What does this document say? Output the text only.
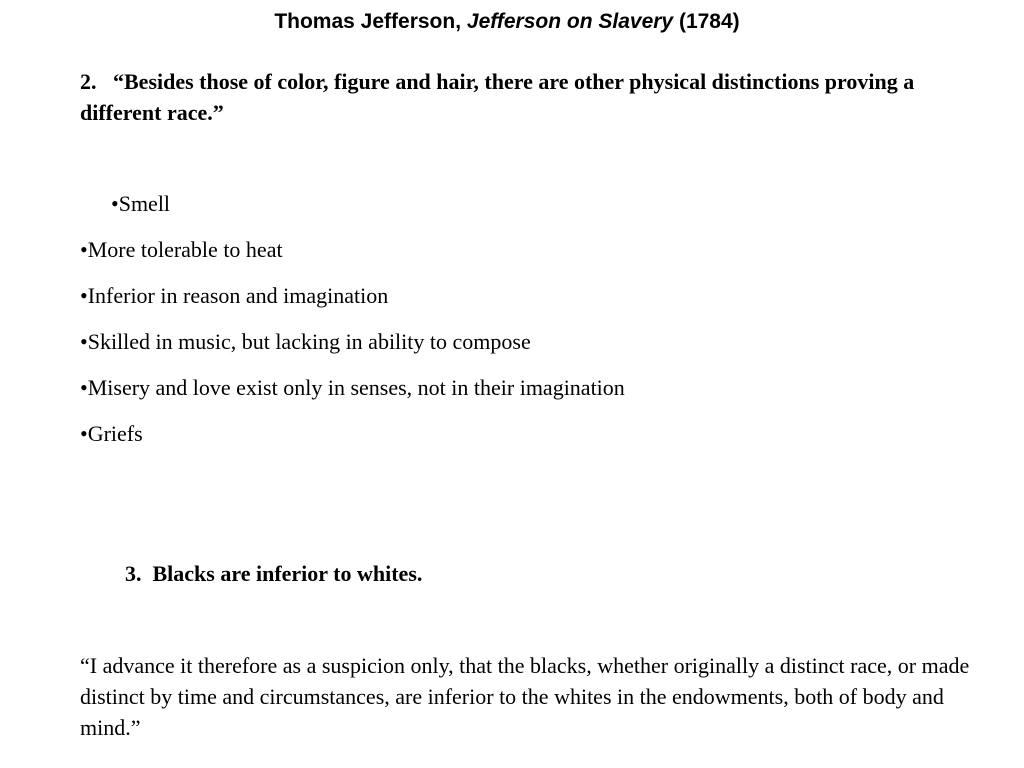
Thomas Jefferson, Jefferson on Slavery (1784)
2. “Besides those of color, figure and hair, there are other physical distinctions proving a different race.”
•Smell
•More tolerable to heat
•Inferior in reason and imagination
•Skilled in music, but lacking in ability to compose
•Misery and love exist only in senses, not in their imagination
•Griefs
3. Blacks are inferior to whites.
“I advance it therefore as a suspicion only, that the blacks, whether originally a distinct race, or made distinct by time and circumstances, are inferior to the whites in the endowments, both of body and mind.”
